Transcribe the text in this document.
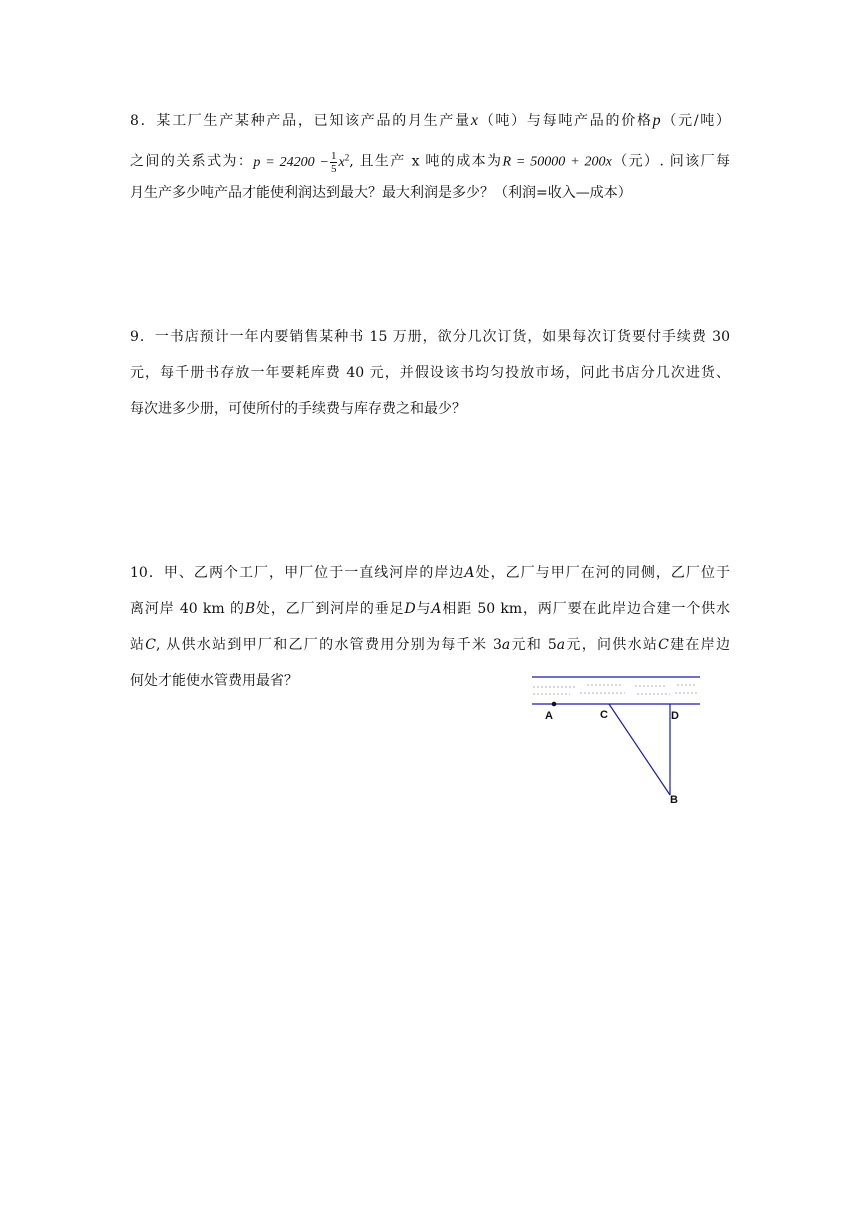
8．某工厂生产某种产品，已知该产品的月生产量x（吨）与每吨产品的价格p（元/吨）
之间的关系式为：$p = 24200 - \frac{1}{5} x^2$, 且生产 x 吨的成本为R = 50000 + 200x（元）. 问该厂每
月生产多少吨产品才能使利润达到最大？最大利润是多少？（利润=收入—成本）
9．一书店预计一年内要销售某种书 15 万册，欲分几次订货，如果每次订货要付手续费 30
元，每千册书存放一年要耗库费 40 元，并假设该书均匀投放市场，问此书店分几次进货、
每次进多少册，可使所付的手续费与库存费之和最少？
10．甲、乙两个工厂，甲厂位于一直线河岸的岸边A处，乙厂与甲厂在河的同侧，乙厂位于
离河岸 40 km 的B处，乙厂到河岸的垂足D与A相距 50 km，两厂要在此岸边合建一个供水
站C, 从供水站到甲厂和乙厂的水管费用分别为每千米 3a元和 5a元，问供水站C建在岸边
何处才能使水管费用最省？
A	C	D
B
